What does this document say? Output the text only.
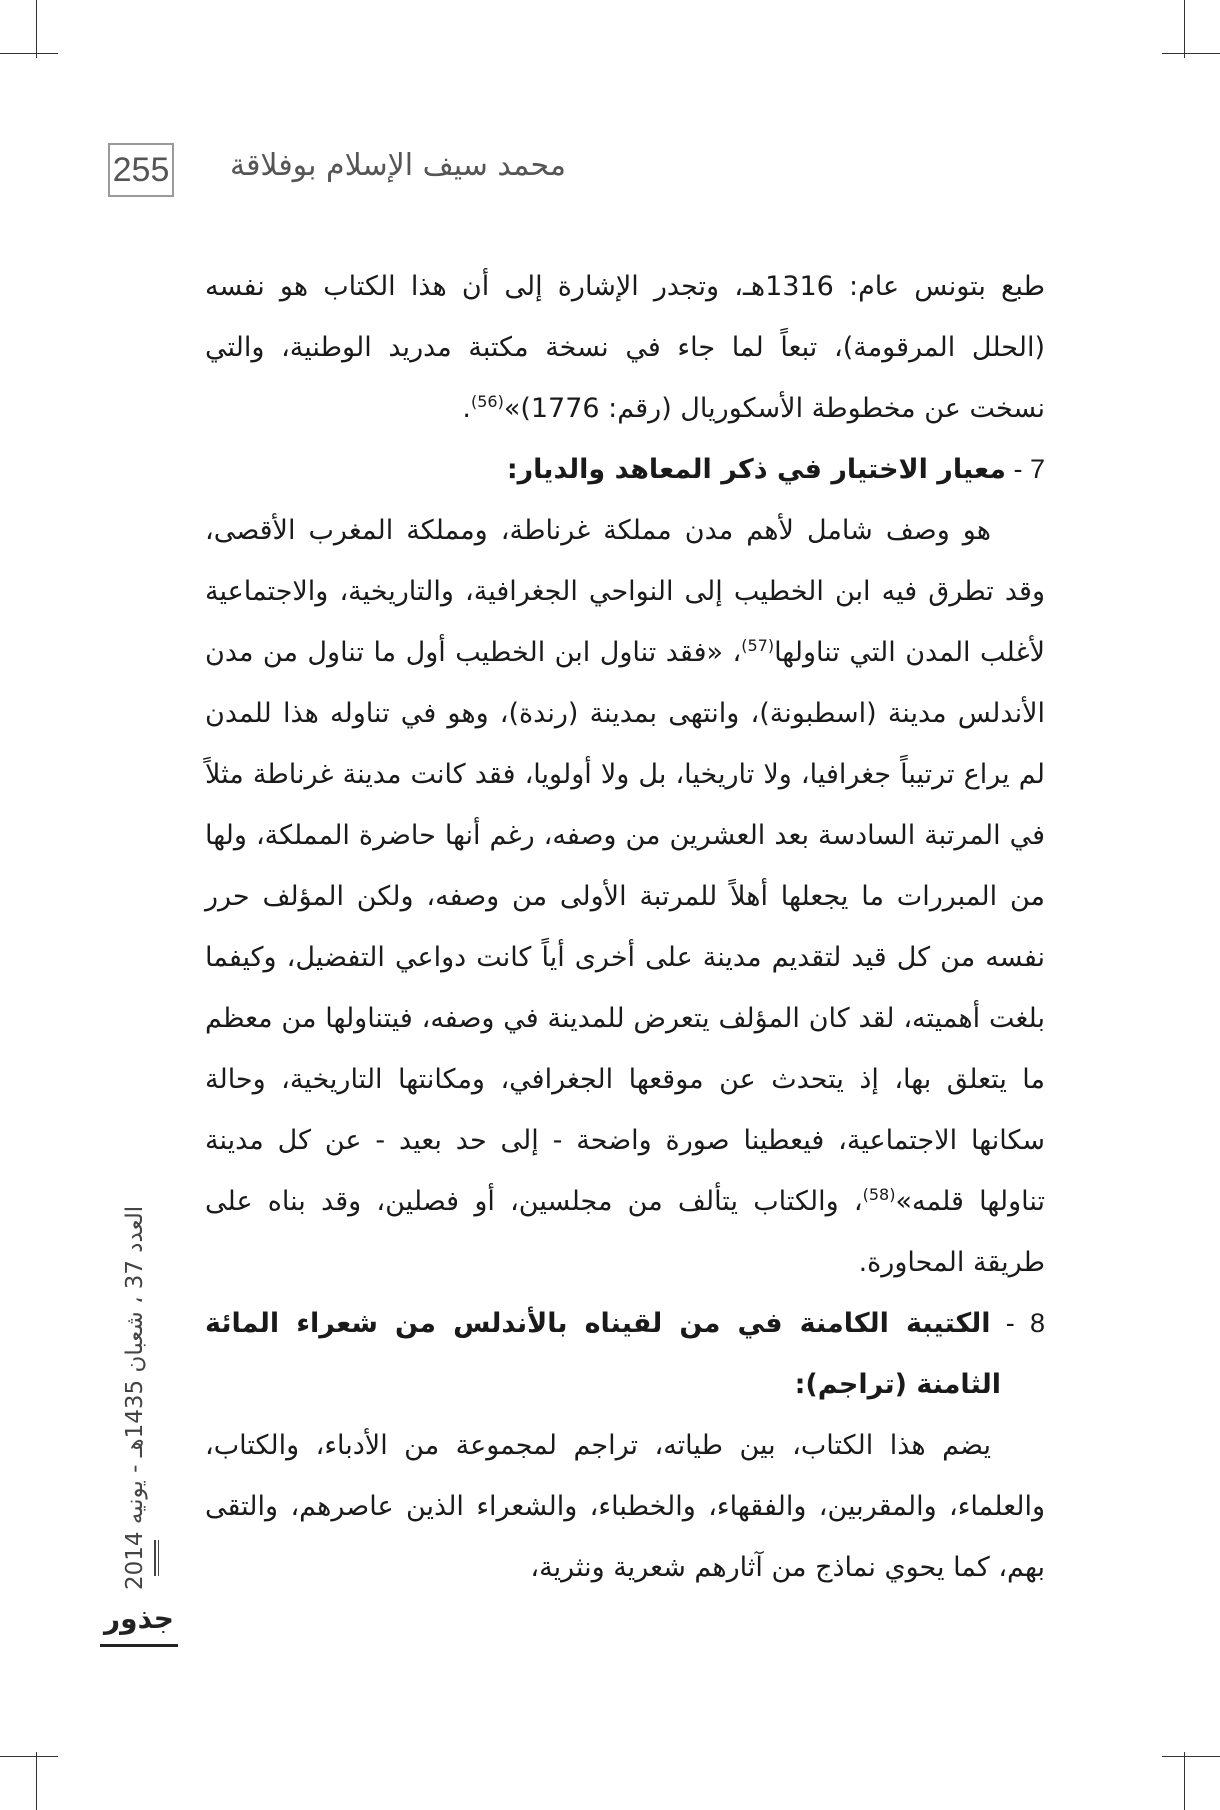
255 محمد سيف الإسلام بوفلاقة

طبع بتونس عام: 1316هـ، وتجدر الإشارة إلى أن هذا الكتاب هو نفسه (الحلل المرقومة)، تبعاً لما جاء في نسخة مكتبة مدريد الوطنية، والتي نسخت عن مخطوطة الأسكوريال (رقم: 1776)»$^{(56)}$.

7 - معيار الاختيار في ذكر المعاهد والديار:

هو وصف شامل لأهم مدن مملكة غرناطة، ومملكة المغرب الأقصى، وقد تطرق فيه ابن الخطيب إلى النواحي الجغرافية، والتاريخية، والاجتماعية لأغلب المدن التي تناولها$^{(57)}$، «فقد تناول ابن الخطيب أول ما تناول من مدن الأندلس مدينة (اسطبونة)، وانتهى بمدينة (رندة)، وهو في تناوله هذا للمدن لم يراع ترتيباً جغرافيا، ولا تاريخيا، بل ولا أولويا، فقد كانت مدينة غرناطة مثلاً في المرتبة السادسة بعد العشرين من وصفه، رغم أنها حاضرة المملكة، ولها من المبررات ما يجعلها أهلاً للمرتبة الأولى من وصفه، ولكن المؤلف حرر نفسه من كل قيد لتقديم مدينة على أخرى أياً كانت دواعي التفضيل، وكيفما بلغت أهميته، لقد كان المؤلف يتعرض للمدينة في وصفه، فيتناولها من معظم ما يتعلق بها، إذ يتحدث عن موقعها الجغرافي، ومكانتها التاريخية، وحالة سكانها الاجتماعية، فيعطينا صورة واضحة - إلى حد بعيد - عن كل مدينة تناولها قلمه»$^{(58)}$، والكتاب يتألف من مجلسين، أو فصلين، وقد بناه على طريقة المحاورة.

8 - الكتيبة الكامنة في من لقيناه بالأندلس من شعراء المائة الثامنة (تراجم):

يضم هذا الكتاب، بين طياته، تراجم لمجموعة من الأدباء، والكتاب، والعلماء، والمقربين، والفقهاء، والخطباء، والشعراء الذين عاصرهم، والتقى بهم، كما يحوي نماذج من آثارهم شعرية ونثرية،

العدد 37 ، شعبان 1435هـ - يونيه 2014
جذور
